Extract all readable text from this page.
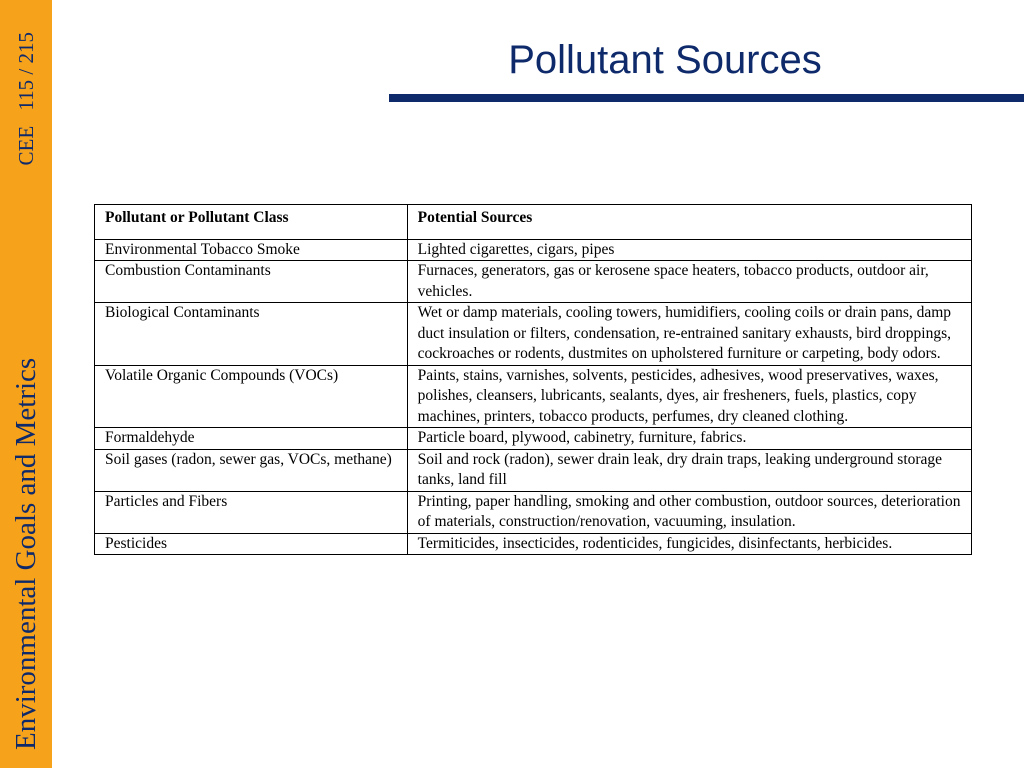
Environmental Goals and Metrics
CEE 115 / 215	Pollutant Sources
Pollutant or Pollutant Class	Potential Sources
Environmental Tobacco Smoke	Lighted cigarettes, cigars, pipes
Combustion Contaminants	Furnaces, generators, gas or kerosene space heaters, tobacco products, outdoor air, vehicles.
Biological Contaminants	Wet or damp materials, cooling towers, humidifiers, cooling coils or drain pans, damp duct insulation or filters, condensation, re-entrained sanitary exhausts, bird droppings, cockroaches or rodents, dustmites on upholstered furniture or carpeting, body odors.
Volatile Organic Compounds (VOCs)	Paints, stains, varnishes, solvents, pesticides, adhesives, wood preservatives, waxes, polishes, cleansers, lubricants, sealants, dyes, air fresheners, fuels, plastics, copy machines, printers, tobacco products, perfumes, dry cleaned clothing.
Formaldehyde	Particle board, plywood, cabinetry, furniture, fabrics.
Soil gases (radon, sewer gas, VOCs, methane)	Soil and rock (radon), sewer drain leak, dry drain traps, leaking underground storage tanks, land fill
Particles and Fibers	Printing, paper handling, smoking and other combustion, outdoor sources, deterioration of materials, construction/renovation, vacuuming, insulation.
Pesticides	Termiticides, insecticides, rodenticides, fungicides, disinfectants, herbicides.
